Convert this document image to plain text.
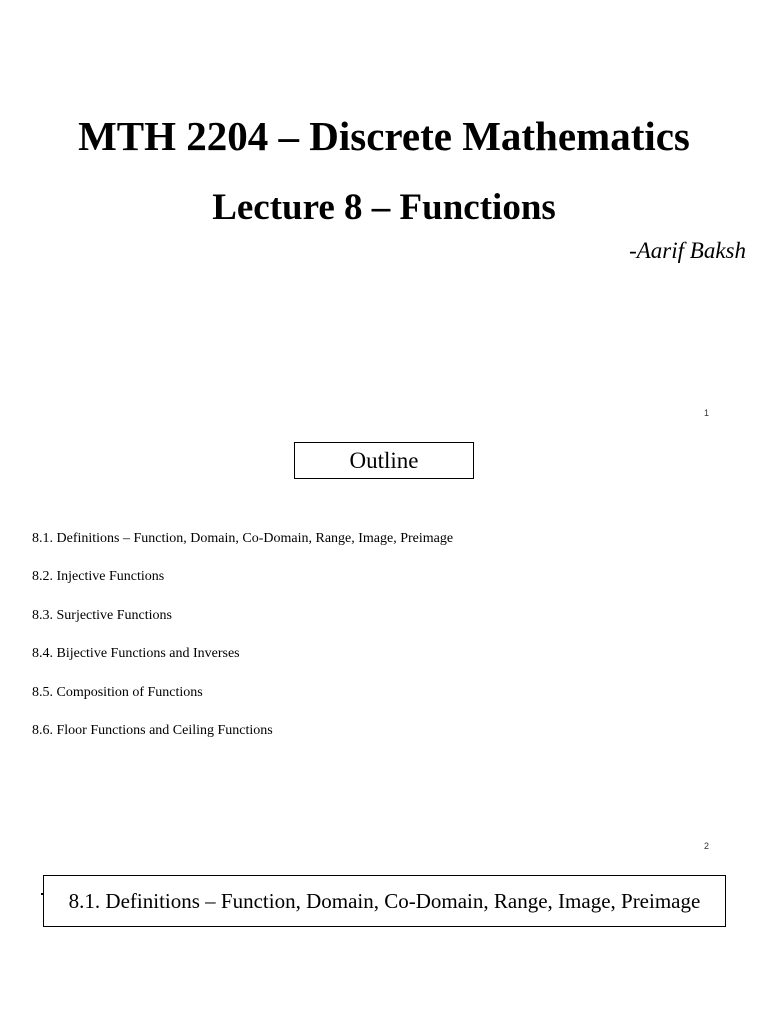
MTH 2204 – Discrete Mathematics
Lecture 8 – Functions
-Aarif Baksh
1
Outline
8.1. Definitions – Function, Domain, Co-Domain, Range, Image, Preimage
8.2. Injective Functions
8.3. Surjective Functions
8.4. Bijective Functions and Inverses
8.5. Composition of Functions
8.6. Floor Functions and Ceiling Functions
2
8.1. Definitions – Function, Domain, Co-Domain, Range, Image, Preimage
